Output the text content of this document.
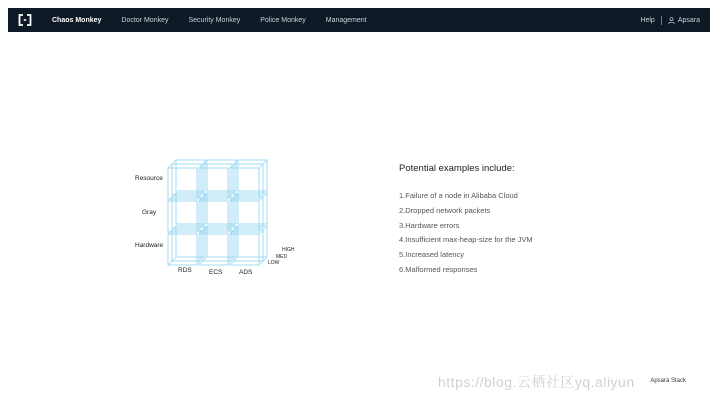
Chaos Monkey	Doctor Monkey	Security Monkey	Police Monkey	Management	Help	Apsara
Resource
Gray
Hardware
RDS	ECS	ADS
HIGH
MED
LOW
Potential examples include:
1.Failure of a node in Alibaba Cloud
2.Dropped network packets
3.Hardware errors
4.Insufficient max-heap-size for the JVM
5.Increased latency
6.Malformed responses
https://blog.云栖社区yq.aliyun	Apsara Stack
